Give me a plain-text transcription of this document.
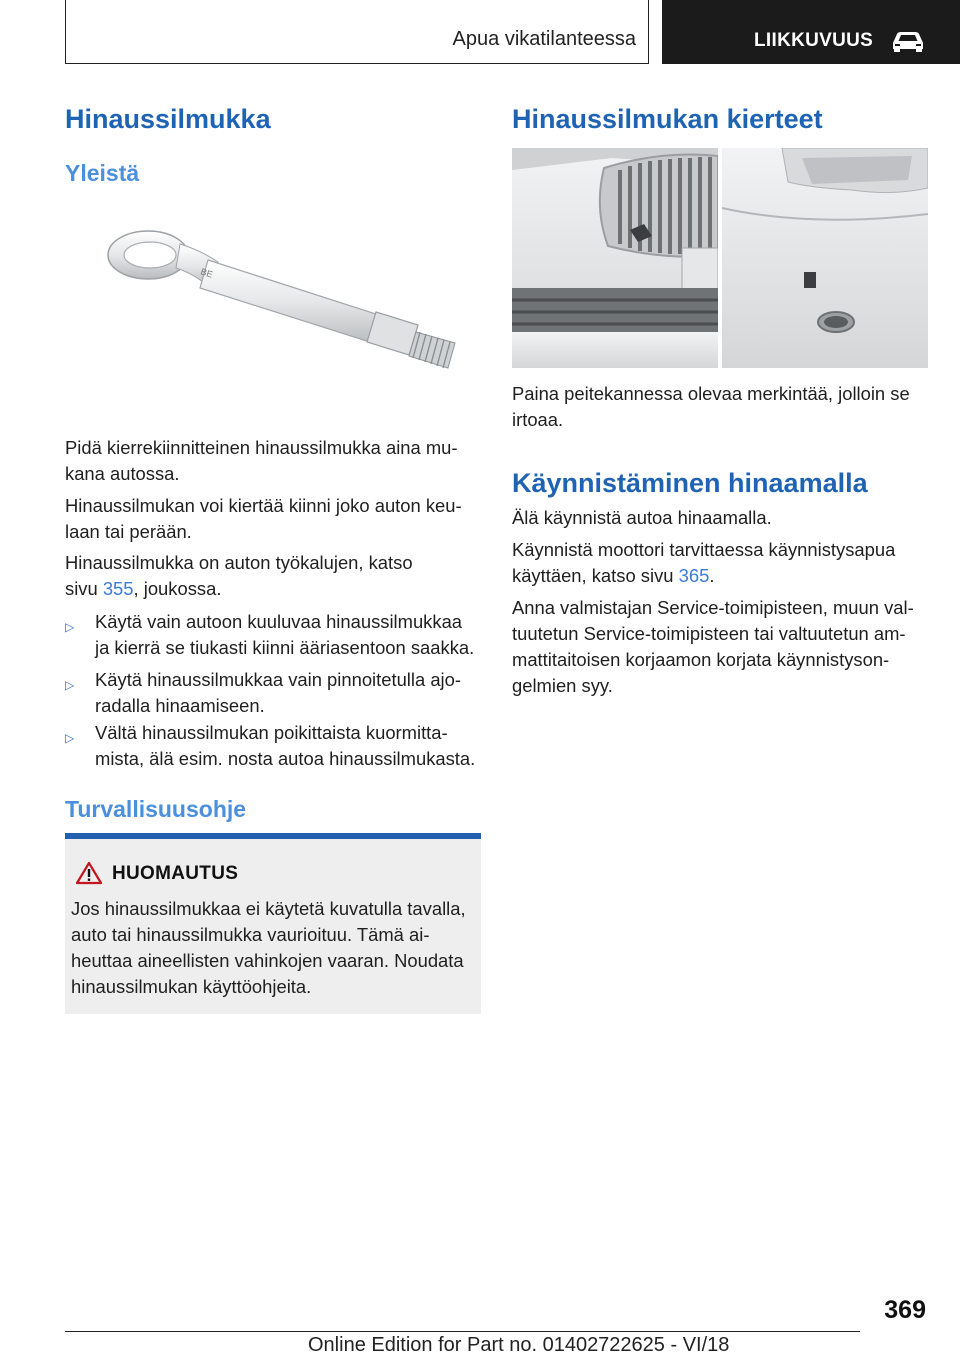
Apua vikatilanteessa	LIIKKUVUUS
Hinaussilmukka
Yleistä
BE
Pidä kierrekiinnitteinen hinaussilmukka aina mu-
kana autossa.
Hinaussilmukan voi kiertää kiinni joko auton keu-
laan tai perään.
Hinaussilmukka on auton työkalujen, katso
sivu 355, joukossa.
▷	Käytä vain autoon kuuluvaa hinaussilmukkaa
ja kierrä se tiukasti kiinni ääriasentoon saakka.
▷	Käytä hinaussilmukkaa vain pinnoitetulla ajo-
radalla hinaamiseen.
▷	Vältä hinaussilmukan poikittaista kuormitta-
mista, älä esim. nosta autoa hinaussilmukasta.
Turvallisuusohje
HUOMAUTUS
Jos hinaussilmukkaa ei käytetä kuvatulla tavalla,
auto tai hinaussilmukka vaurioituu. Tämä ai-
heuttaa aineellisten vahinkojen vaaran. Noudata
hinaussilmukan käyttöohjeita.
Hinaussilmukan kierteet
Paina peitekannessa olevaa merkintää, jolloin se
irtoaa.
Käynnistäminen hinaamalla
Älä käynnistä autoa hinaamalla.
Käynnistä moottori tarvittaessa käynnistysapua
käyttäen, katso sivu 365.
Anna valmistajan Service-toimipisteen, muun val-
tuutetun Service-toimipisteen tai valtuutetun am-
mattitaitoisen korjaamon korjata käynnistyson-
gelmien syy.
369
Online Edition for Part no. 01402722625 - VI/18
